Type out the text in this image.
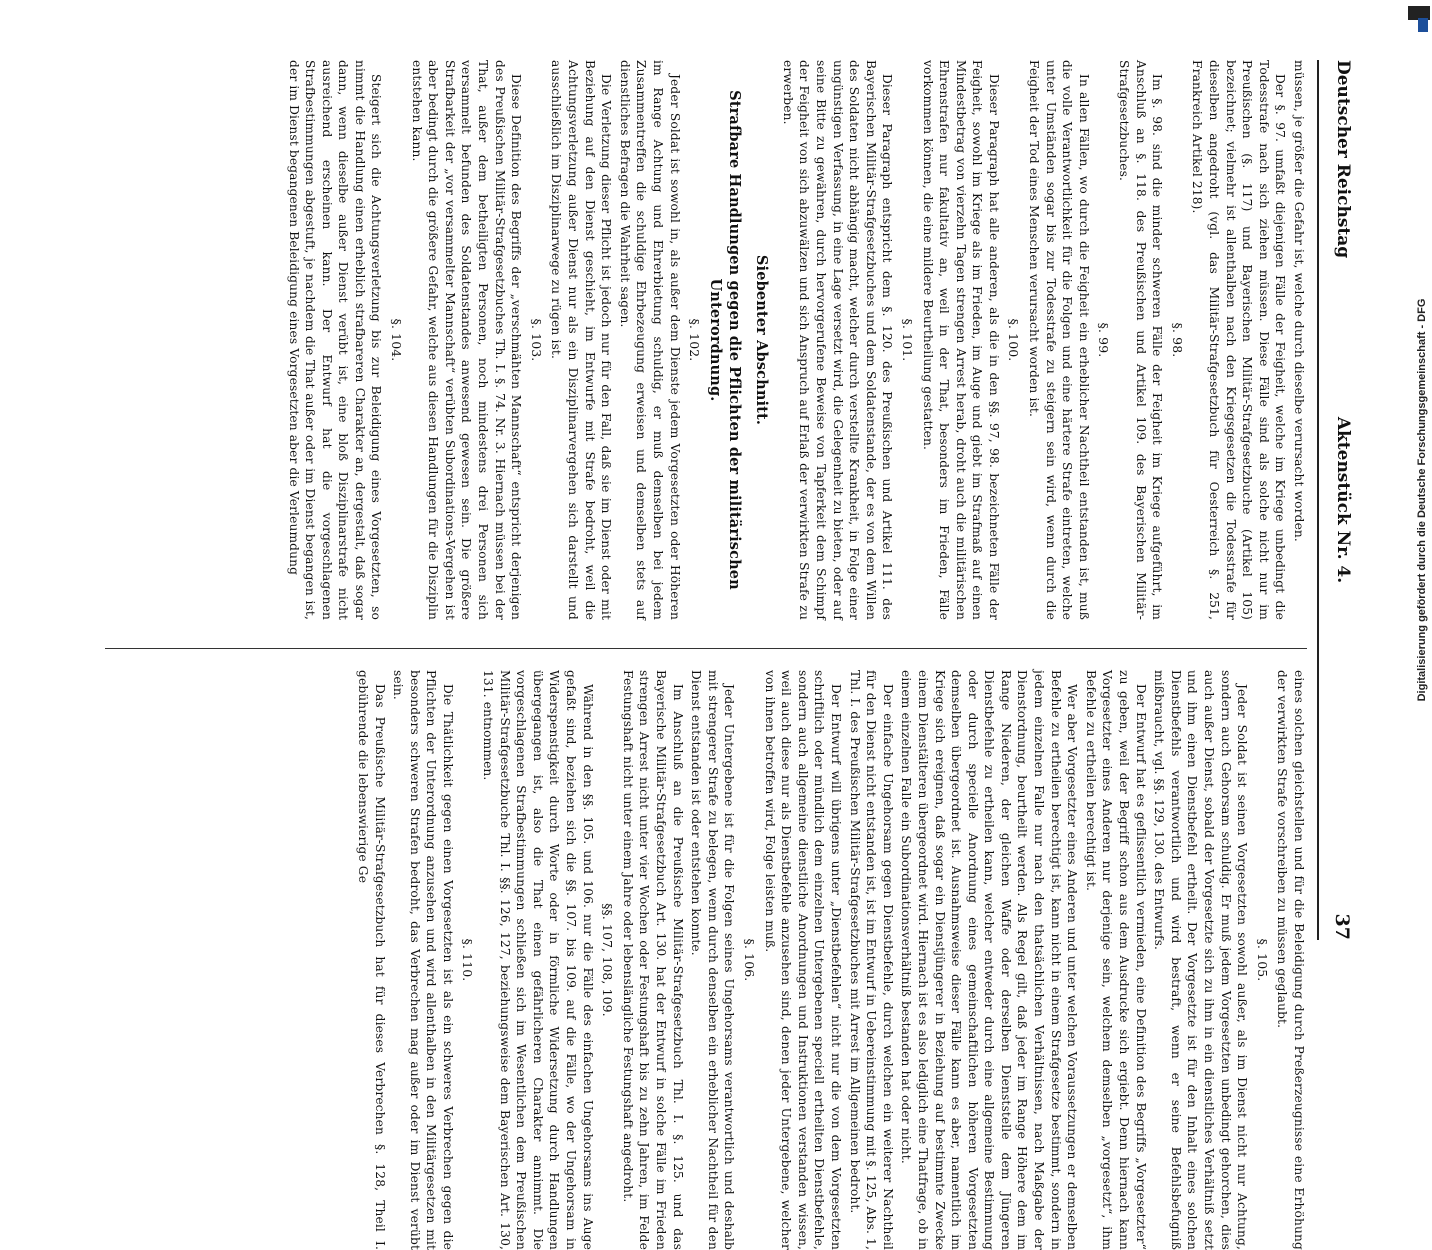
Deutscher Reichstag
Aktenstück Nr. 4.
37

müssen, je größer die Gefahr ist, welche durch dieselbe verursacht worden.

Der §. 97. umfaßt diejenigen Fälle der Feigheit, welche im Kriege unbedingt die Todesstrafe nach sich ziehen müssen. Diese Fälle sind als solche nicht nur im Preußischen (§. 117) und Bayerischen Militär-Strafgesetzbuche (Artikel 105) bezeichnet; vielmehr ist allenthalben nach den Kriegsgesetzen die Todesstrafe für dieselben angedroht (vgl. das Militär-Strafgesetzbuch für Oesterreich §. 251, Frankreich Artikel 218).

§. 98.

Im §. 98. sind die minder schweren Fälle der Feigheit im Kriege aufgeführt, im Anschluß an §. 118. des Preußischen und Artikel 109. des Bayerischen Militär-Strafgesetzbuches.

§. 99.

In allen Fällen, wo durch die Feigheit ein erheblicher Nachtheil entstanden ist, muß die volle Verantwortlichkeit für die Folgen und eine härtere Strafe eintreten, welche unter Umständen sogar bis zur Todesstrafe zu steigern sein wird, wenn durch die Feigheit der Tod eines Menschen verursacht worden ist.

§. 100.

Dieser Paragraph hat alle anderen, als die in den §§. 97, 98. bezeichneten Fälle der Feigheit, sowohl im Kriege als im Frieden, im Auge und giebt im Strafmaß auf einen Mindestbetrag von vierzehn Tagen strengen Arrest herab, droht auch die militärischen Ehrenstrafen nur fakultativ an, weil in der That, besonders im Frieden, Fälle vorkommen können, die eine mildere Beurtheilung gestatten.

§. 101.

Dieser Paragraph entspricht dem §. 120. des Preußischen und Artikel 111. des Bayerischen Militär-Strafgesetzbuches und dem Soldatenstande, der es von dem Willen des Soldaten nicht abhängig macht, welcher durch verstellte Krankheit, in Folge einer ungünstigen Verfassung, in eine Lage versetzt wird, die Gelegenheit zu bieten, oder auf seine Bitte zu gewähren, durch hervorgerufene Beweise von Tapferkeit dem Schimpf der Feigheit von sich abzuwälzen und sich Anspruch auf Erlaß der verwirkten Strafe zu erwerben.

Siebenter Abschnitt.

Strafbare Handlungen gegen die Pflichten der militärischen Unterordnung.

§. 102.

Jeder Soldat ist sowohl in, als außer dem Dienste jedem Vorgesetzten oder Höheren im Range Achtung und Ehrerbietung schuldig, er muß demselben bei jedem Zusammentreffen die schuldige Ehrbezeugung erweisen und demselben stets auf dienstliches Befragen die Wahrheit sagen.

Die Verletzung dieser Pflicht ist jedoch nur für den Fall, daß sie im Dienst oder mit Beziehung auf den Dienst geschieht, im Entwurfe mit Strafe bedroht, weil die Achtungsverletzung außer Dienst nur als ein Disziplinarvergehen sich darstellt und ausschließlich im Disziplinarwege zu rügen ist.

§. 103.

Diese Definition des Begriffs der „verschmähten Mannschaft“ entspricht derjenigen des Preußischen Militär-Strafgesetzbuches Th. I. §. 74. Nr. 3. Hiernach müssen bei der That, außer dem betheiligten Personen, noch mindestens drei Personen sich versammelt befunden des Soldatenstandes anwesend gewesen sein. Die größere Strafbarkeit der „vor versammelter Mannschaft“ verübten Subordinations-Vergehen ist aber bedingt durch die größere Gefahr, welche aus diesen Handlungen für die Disziplin entstehen kann.

§. 104.

Steigert sich die Achtungsverletzung bis zur Beleidigung eines Vorgesetzten, so nimmt die Handlung einen erheblich strafbareren Charakter an, dergestalt, daß sogar dann, wenn dieselbe außer Dienst verübt ist, eine bloß Disziplinarstrafe nicht ausreichend erscheinen kann. Der Entwurf hat die vorgeschlagenen Strafbestimmungen abgestuft, je nachdem die That außer oder im Dienst begangen ist, der im Dienst begangenen Beleidigung eines Vorgesetzten aber die Verleumdung

eines solchen gleichstellen und für die Beleidigung durch Preßerzeugnisse eine Erhöhung der verwirkten Strafe vorschreiben zu müssen geglaubt.

§. 105.

Jeder Soldat ist seinen Vorgesetzten sowohl außer, als im Dienst nicht nur Achtung, sondern auch Gehorsam schuldig. Er muß jedem Vorgesetzten unbedingt gehorchen, dies auch außer Dienst, sobald der Vorgesetzte sich zu ihm in ein dienstliches Verhältniß setzt und ihm einen Dienstbefehl ertheilt. Der Vorgesetzte ist für den Inhalt eines solchen Dienstbefehls verantwortlich und wird bestraft, wenn er seine Befehlsbefugniß mißbraucht, vgl. §§. 129, 130. des Entwurfs.

Der Entwurf hat es geflissentlich vermieden, eine Definition des Begriffs „Vorgesetzter“ zu geben, weil der Begriff schon aus dem Ausdrucke sich ergiebt. Denn hiernach kann Vorgesetzter eines Anderen nur derjenige sein, welchem demselben „vorgesetzt“, ihm Befehle zu ertheilen berechtigt ist.

Wer aber Vorgesetzter eines Anderen und unter welchen Voraussetzungen er demselben Befehle zu ertheilen berechtigt ist, kann nicht in einem Strafgesetze bestimmt, sondern in jedem einzelnen Falle nur nach den thatsächlichen Verhältnissen, nach Maßgabe der Dienstordnung, beurtheilt werden. Als Regel gilt, daß jeder im Range Höhere dem im Range Niederen, der gleichen Waffe oder derselben Dienststelle dem Jüngeren Dienstbefehle zu ertheilen kann, welcher entweder durch eine allgemeine Bestimmung oder durch specielle Anordnung eines gemeinschaftlichen höheren Vorgesetzten demselben übergeordnet ist. Ausnahmsweise dieser Fälle kann es aber, namentlich im Kriege sich ereignen, daß sogar ein Dienstjüngerer in Beziehung auf bestimmte Zwecke einem Dienstälteren übergeordnet wird. Hiernach ist es also lediglich eine Thatfrage, ob in einem einzelnen Falle ein Subordinationsverhältniß bestanden hat oder nicht.

Der einfache Ungehorsam gegen Dienstbefehle, durch welchen ein weiterer Nachtheil für den Dienst nicht entstanden ist, ist im Entwurf in Uebereinstimmung mit §. 125, Abs. 1, Thl. I. des Preußischen Militär-Strafgesetzbuches mit Arrest im Allgemeinen bedroht.

Der Entwurf will übrigens unter „Dienstbefehlen“ nicht nur die von dem Vorgesetzten schriftlich oder mündlich dem einzelnen Untergebenen speciell ertheilten Dienstbefehle, sondern auch allgemeine dienstliche Anordnungen und Instruktionen verstanden wissen, weil auch diese nur als Dienstbefehle anzusehen sind, denen jeder Untergebene, welcher von ihnen betroffen wird, Folge leisten muß.

§. 106.

Jeder Untergebene ist für die Folgen seines Ungehorsams verantwortlich und deshalb mit strengerer Strafe zu belegen, wenn durch denselben ein erheblicher Nachtheil für den Dienst entstanden ist oder entstehen konnte.

Im Anschluß an die Preußische Militär-Strafgesetzbuch Thl. I. §. 125. und das Bayerische Militär-Strafgesetzbuch Art. 130. hat der Entwurf in solche Fälle im Frieden strengen Arrest nicht unter vier Wochen oder Festungshaft bis zu zehn Jahren, im Felde Festungshaft nicht unter einem Jahre oder lebenslängliche Festungshaft angedroht.

§§. 107, 108, 109.

Während in den §§. 105. und 106. nur die Fälle des einfachen Ungehorsams ins Auge gefaßt sind, beziehen sich die §§. 107. bis 109. auf die Fälle, wo der Ungehorsam in Widerspenstigkeit durch Worte oder in förmliche Widersetzung durch Handlungen übergegangen ist, also die That einen gefährlicheren Charakter annimmt. Die vorgeschlagenen Strafbestimmungen schließen sich im Wesentlichen dem Preußischen Militär-Strafgesetzbuche Thl. I. §§. 126, 127, beziehungsweise dem Bayerischen Art. 130, 131. entnommen.

§. 110.

Die Thätlichkeit gegen einen Vorgesetzten ist als ein schweres Verbrechen gegen die Pflichten der Unterordnung anzusehen und wird allenthalben in den Militärgesetzen mit besonders schweren Strafen bedroht, das Verbrechen mag außer oder im Dienst verübt sein.

Das Preußische Militär-Strafgesetzbuch hat für dieses Verbrechen §. 128, Theil I. gebührende die lebenswierige Ge

Digitalisierung gefördert durch die Deutsche Forschungsgemeinschaft - DFG
